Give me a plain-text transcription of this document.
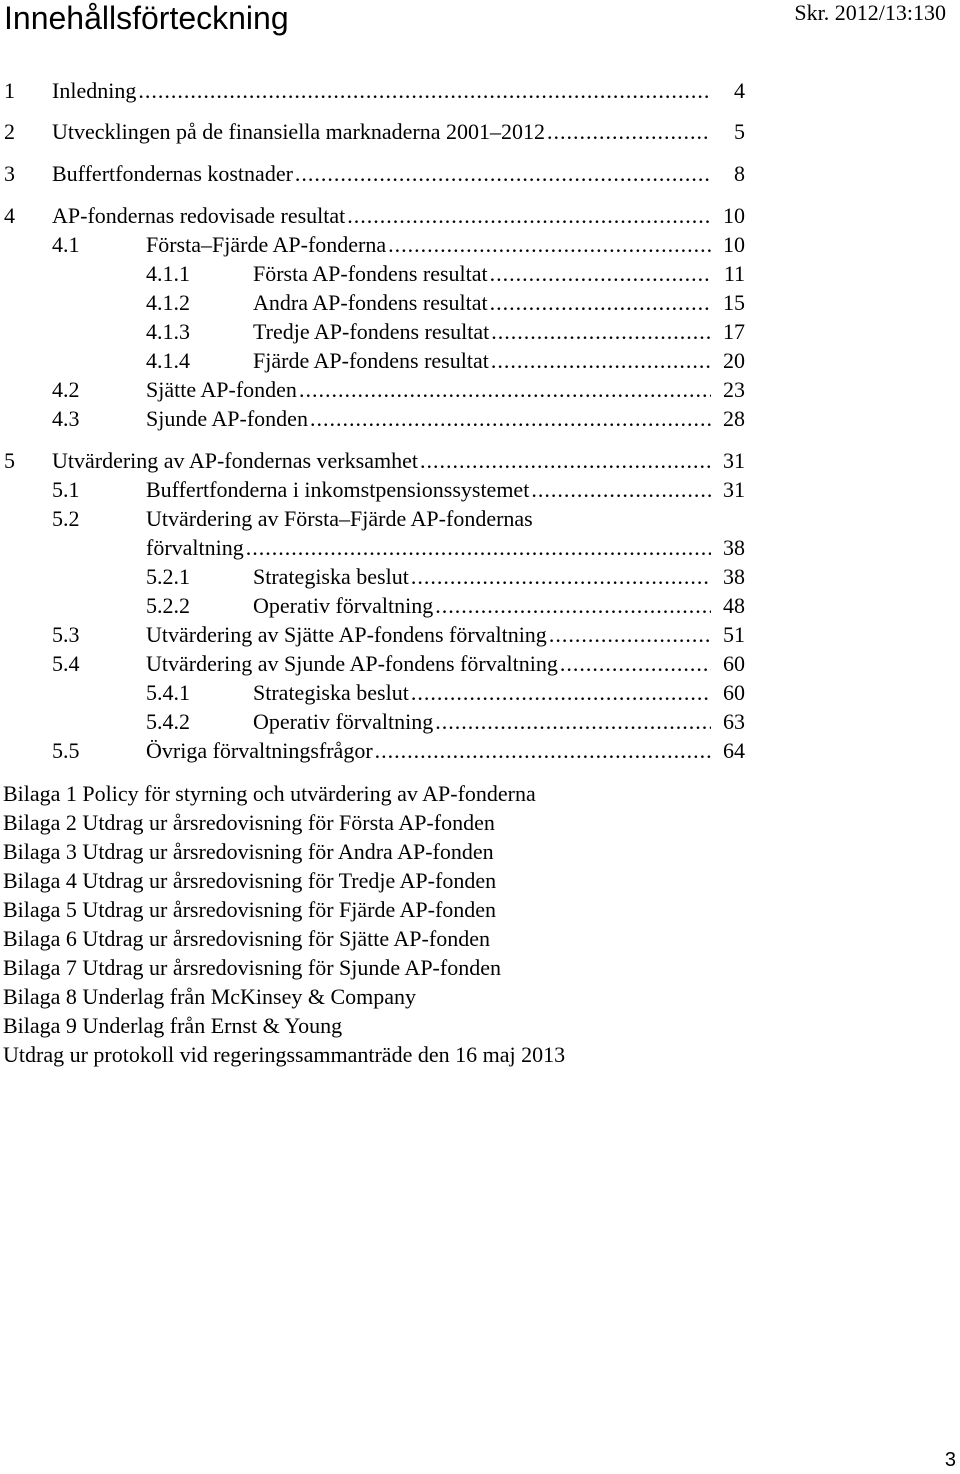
Innehållsförteckning	Skr. 2012/13:130
1 Inledning .....	4
2 Utvecklingen på de finansiella marknaderna 2001–2012 .....	5
3 Buffertfondernas kostnader .....	8
4 AP-fondernas redovisade resultat .....	10
4.1	Första–Fjärde AP-fonderna .....	10
4.1.1	Första AP-fondens resultat .....	11
4.1.2	Andra AP-fondens resultat .....	15
4.1.3	Tredje AP-fondens resultat .....	17
4.1.4	Fjärde AP-fondens resultat .....	20
4.2	Sjätte AP-fonden .....	23
4.3	Sjunde AP-fonden .....	28
5 Utvärdering av AP-fondernas verksamhet .....	31
5.1	Buffertfonderna i inkomstpensionssystemet .....	31
5.2	Utvärdering av Första–Fjärde AP-fondernas
förvaltning .....	38
5.2.1	Strategiska beslut .....	38
5.2.2	Operativ förvaltning .....	48
5.3	Utvärdering av Sjätte AP-fondens förvaltning .....	51
5.4	Utvärdering av Sjunde AP-fondens förvaltning .....	60
5.4.1	Strategiska beslut .....	60
5.4.2	Operativ förvaltning .....	63
5.5	Övriga förvaltningsfrågor .....	64
Bilaga 1 Policy för styrning och utvärdering av AP-fonderna
Bilaga 2 Utdrag ur årsredovisning för Första AP-fonden
Bilaga 3 Utdrag ur årsredovisning för Andra AP-fonden
Bilaga 4 Utdrag ur årsredovisning för Tredje AP-fonden
Bilaga 5 Utdrag ur årsredovisning för Fjärde AP-fonden
Bilaga 6 Utdrag ur årsredovisning för Sjätte AP-fonden
Bilaga 7 Utdrag ur årsredovisning för Sjunde AP-fonden
Bilaga 8 Underlag från McKinsey & Company
Bilaga 9 Underlag från Ernst & Young
Utdrag ur protokoll vid regeringssammanträde den 16 maj 2013
3
